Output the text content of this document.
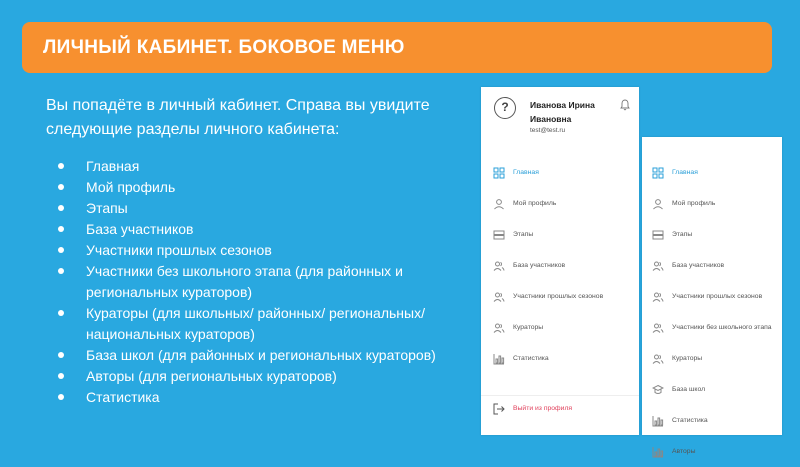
ЛИЧНЫЙ КАБИНЕТ. БОКОВОЕ МЕНЮ
Вы попадёте в личный кабинет. Справа вы увидите следующие разделы личного кабинета:
Главная
Мой профиль
Этапы
База участников
Участники прошлых сезонов
Участники без школьного этапа (для районных и региональных кураторов)
Кураторы (для школьных/ районных/ региональных/национальных кураторов)
База школ (для районных и региональных кураторов)
Авторы (для региональных кураторов)
Статистика
?	Иванова Ирина Ивановна
test@test.ru
Главная
Мой профиль
Этапы
База участников
Участники прошлых сезонов
Кураторы
Статистика
Выйти из профиля
Главная
Мой профиль
Этапы
База участников
Участники прошлых сезонов
Участники без школьного этапа
Кураторы
База школ
Статистика
Авторы
